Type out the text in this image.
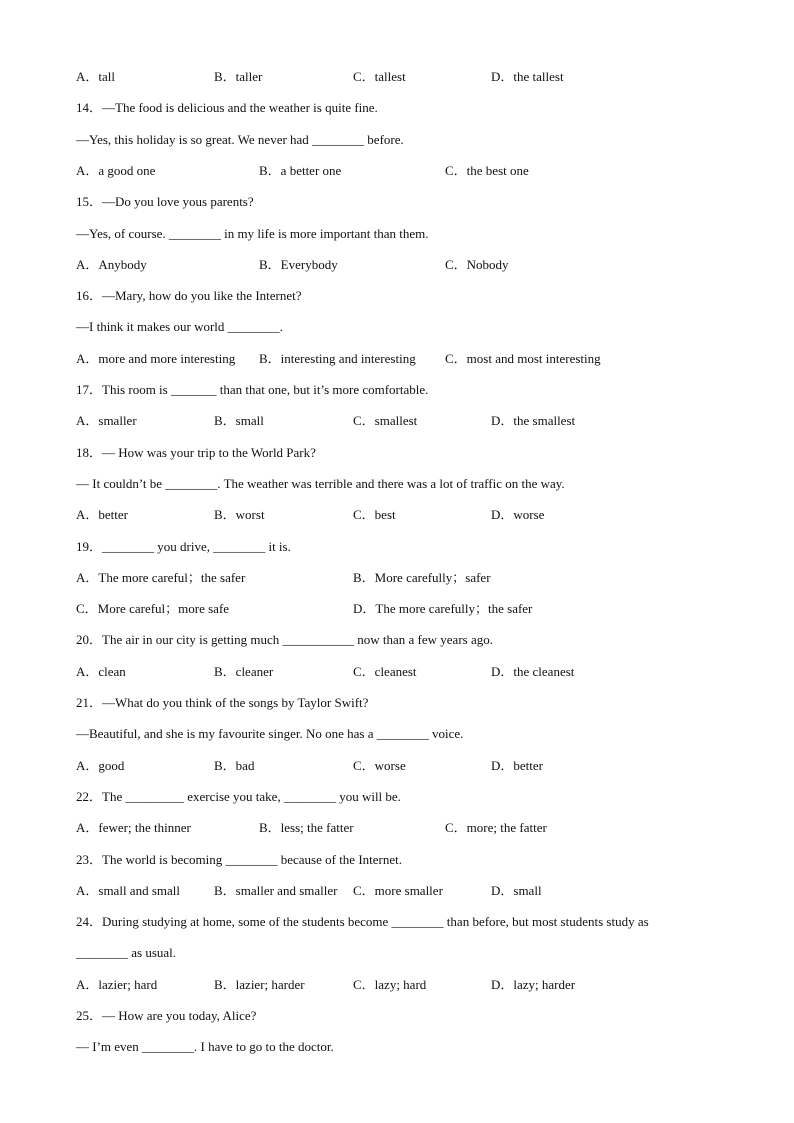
A．tall	B．taller	C．tallest	D．the tallest
14．—The food is delicious and the weather is quite fine.
—Yes, this holiday is so great. We never had ________ before.
A．a good one	B．a better one	C．the best one
15．—Do you love yous parents?
—Yes, of course. ________ in my life is more important than them.
A．Anybody	B．Everybody	C．Nobody
16．—Mary, how do you like the Internet?
—I think it makes our world ________.
A．more and more interesting B．interesting and interesting C．most and most interesting
17．This room is _______ than that one, but it’s more comfortable.
A．smaller	B．small	C．smallest	D．the smallest
18．— How was your trip to the World Park?
— It couldn’t be ________. The weather was terrible and there was a lot of traffic on the way.
A．better	B．worst	C．best	D．worse
19．________ you drive, ________ it is.
A．The more careful；the safer	B．More carefully；safer
C．More careful；more safe	D．The more carefully；the safer
20．The air in our city is getting much ___________ now than a few years ago.
A．clean	B．cleaner	C．cleanest	D．the cleanest
21．—What do you think of the songs by Taylor Swift?
—Beautiful, and she is my favourite singer. No one has a ________ voice.
A．good	B．bad	C．worse	D．better
22．The _________ exercise you take, ________ you will be.
A．fewer; the thinner	B．less; the fatter	C．more; the fatter
23．The world is becoming ________ because of the Internet.
A．small and small	B．smaller and smaller C．more smaller	D．small
24．During studying at home, some of the students become ________ than before, but most students study as
________ as usual.
A．lazier; hard	B．lazier; harder	C．lazy; hard	D．lazy; harder
25．— How are you today, Alice?
— I’m even ________. I have to go to the doctor.
